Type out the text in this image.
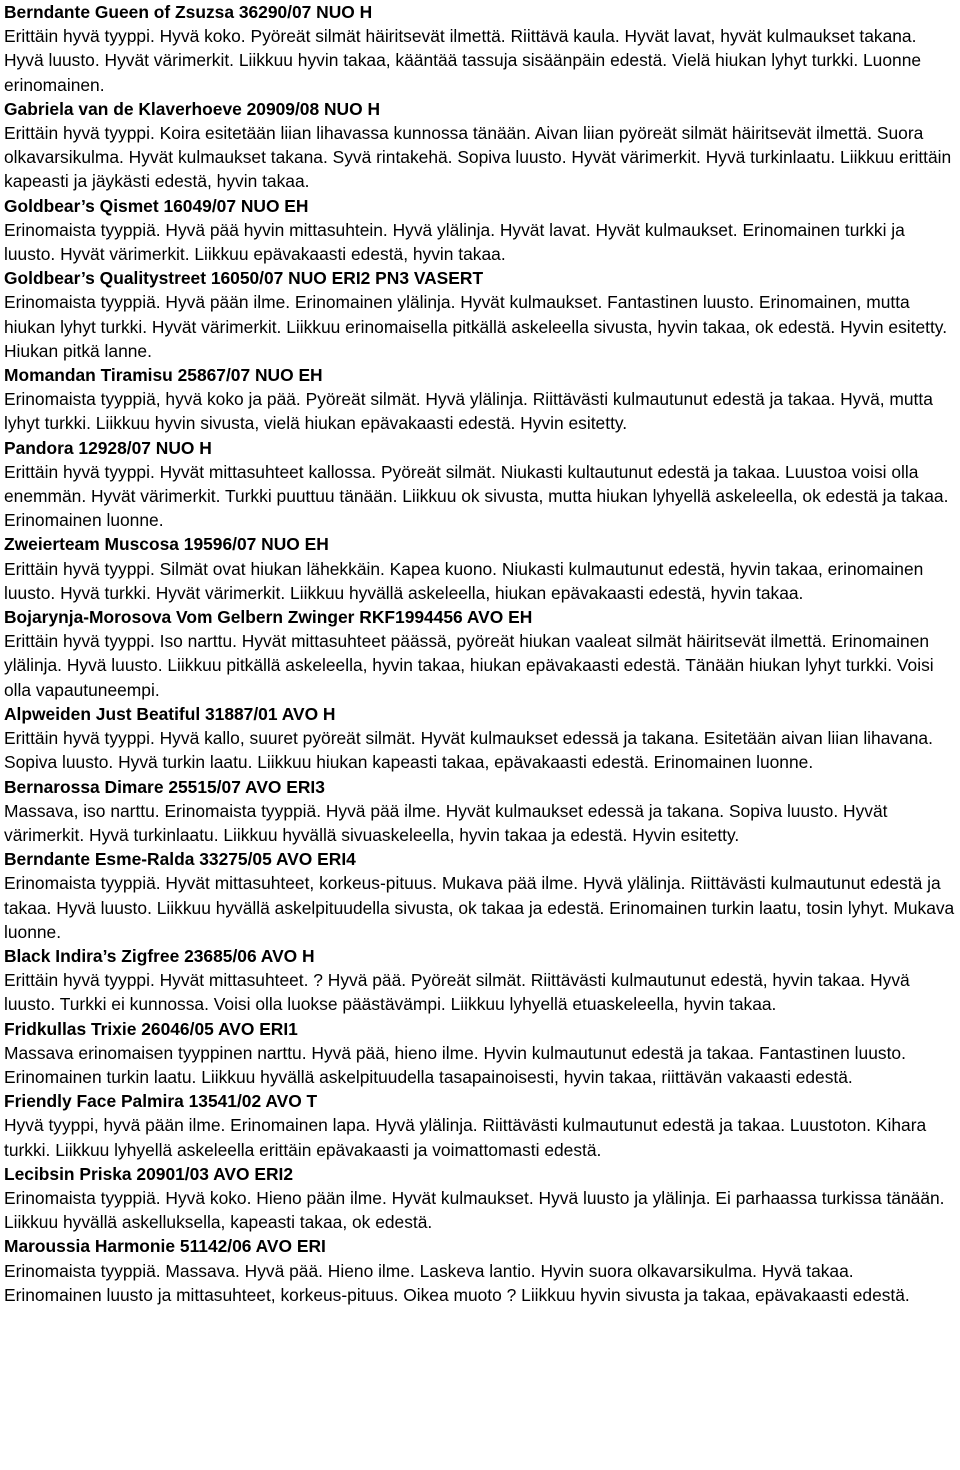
Berndante Gueen of Zsuzsa 36290/07 NUO H
Erittäin hyvä tyyppi. Hyvä koko. Pyöreät silmät häiritsevät ilmettä. Riittävä kaula. Hyvät lavat, hyvät kulmaukset takana. Hyvä luusto. Hyvät värimerkit. Liikkuu hyvin takaa, kääntää tassuja sisäänpäin edestä. Vielä hiukan lyhyt turkki. Luonne erinomainen.
Gabriela van de Klaverhoeve 20909/08 NUO H
Erittäin hyvä tyyppi. Koira esitetään liian lihavassa kunnossa tänään. Aivan liian pyöreät silmät häiritsevät ilmettä. Suora olkavarsikulma. Hyvät kulmaukset takana. Syvä rintakehä. Sopiva luusto. Hyvät värimerkit. Hyvä turkinlaatu. Liikkuu erittäin kapeasti ja jäykästi edestä, hyvin takaa.
Goldbear’s Qismet 16049/07 NUO EH
Erinomaista tyyppiä. Hyvä pää hyvin mittasuhtein. Hyvä ylälinja. Hyvät lavat. Hyvät kulmaukset. Erinomainen turkki ja luusto. Hyvät värimerkit. Liikkuu epävakaasti edestä, hyvin takaa.
Goldbear’s Qualitystreet 16050/07 NUO ERI2 PN3 VASERT
Erinomaista tyyppiä. Hyvä pään ilme. Erinomainen ylälinja. Hyvät kulmaukset. Fantastinen luusto. Erinomainen, mutta hiukan lyhyt turkki. Hyvät värimerkit. Liikkuu erinomaisella pitkällä askeleella sivusta, hyvin takaa, ok edestä. Hyvin esitetty. Hiukan pitkä lanne.
Momandan Tiramisu 25867/07 NUO EH
Erinomaista tyyppiä, hyvä koko ja pää. Pyöreät silmät. Hyvä ylälinja. Riittävästi kulmautunut edestä ja takaa. Hyvä, mutta lyhyt turkki. Liikkuu hyvin sivusta, vielä hiukan epävakaasti edestä. Hyvin esitetty.
Pandora 12928/07 NUO H
Erittäin hyvä tyyppi. Hyvät mittasuhteet kallossa. Pyöreät silmät. Niukasti kultautunut edestä ja takaa. Luustoa voisi olla enemmän. Hyvät värimerkit. Turkki puuttuu tänään. Liikkuu ok sivusta, mutta hiukan lyhyellä askeleella, ok edestä ja takaa. Erinomainen luonne.
Zweierteam Muscosa 19596/07 NUO EH
Erittäin hyvä tyyppi. Silmät ovat hiukan lähekkäin. Kapea kuono. Niukasti kulmautunut edestä, hyvin takaa, erinomainen luusto. Hyvä turkki. Hyvät värimerkit. Liikkuu hyvällä askeleella, hiukan epävakaasti edestä, hyvin takaa.
Bojarynja-Morosova Vom Gelbern Zwinger RKF1994456 AVO EH
Erittäin hyvä tyyppi. Iso narttu. Hyvät mittasuhteet päässä, pyöreät hiukan vaaleat silmät häiritsevät ilmettä. Erinomainen ylälinja. Hyvä luusto. Liikkuu pitkällä askeleella, hyvin takaa, hiukan epävakaasti edestä. Tänään hiukan lyhyt turkki. Voisi olla vapautuneempi.
Alpweiden Just Beatiful 31887/01 AVO H
Erittäin hyvä tyyppi. Hyvä kallo, suuret pyöreät silmät. Hyvät kulmaukset edessä ja takana. Esitetään aivan liian lihavana. Sopiva luusto. Hyvä turkin laatu. Liikkuu hiukan kapeasti takaa, epävakaasti edestä. Erinomainen luonne.
Bernarossa Dimare 25515/07 AVO ERI3
Massava, iso narttu. Erinomaista tyyppiä. Hyvä pää ilme. Hyvät kulmaukset edessä ja takana. Sopiva luusto. Hyvät värimerkit. Hyvä turkinlaatu. Liikkuu hyvällä sivuaskeleella, hyvin takaa ja edestä. Hyvin esitetty.
Berndante Esme-Ralda 33275/05 AVO ERI4
Erinomaista tyyppiä. Hyvät mittasuhteet, korkeus-pituus. Mukava pää ilme. Hyvä ylälinja. Riittävästi kulmautunut edestä ja takaa. Hyvä luusto. Liikkuu hyvällä askelpituudella sivusta, ok takaa ja edestä. Erinomainen turkin laatu, tosin lyhyt. Mukava luonne.
Black Indira’s Zigfree 23685/06 AVO H
Erittäin hyvä tyyppi. Hyvät mittasuhteet. ? Hyvä pää. Pyöreät silmät. Riittävästi kulmautunut edestä, hyvin takaa. Hyvä luusto. Turkki ei kunnossa. Voisi olla luokse päästävämpi. Liikkuu lyhyellä etuaskeleella, hyvin takaa.
Fridkullas Trixie 26046/05 AVO ERI1
Massava erinomaisen tyyppinen narttu. Hyvä pää, hieno ilme. Hyvin kulmautunut edestä ja takaa. Fantastinen luusto. Erinomainen turkin laatu. Liikkuu hyvällä askelpituudella tasapainoisesti, hyvin takaa, riittävän vakaasti edestä.
Friendly Face Palmira 13541/02 AVO T
Hyvä tyyppi, hyvä pään ilme. Erinomainen lapa. Hyvä ylälinja. Riittävästi kulmautunut edestä ja takaa. Luustoton. Kihara turkki. Liikkuu lyhyellä askeleella erittäin epävakaasti ja voimattomasti edestä.
Lecibsin Priska 20901/03 AVO ERI2
Erinomaista tyyppiä. Hyvä koko. Hieno pään ilme. Hyvät kulmaukset. Hyvä luusto ja ylälinja. Ei parhaassa turkissa tänään. Liikkuu hyvällä askelluksella, kapeasti takaa, ok edestä.
Maroussia Harmonie 51142/06 AVO ERI
Erinomaista tyyppiä. Massava. Hyvä pää. Hieno ilme. Laskeva lantio. Hyvin suora olkavarsikulma. Hyvä takaa. Erinomainen luusto ja mittasuhteet, korkeus-pituus. Oikea muoto ? Liikkuu hyvin sivusta ja takaa, epävakaasti edestä.
